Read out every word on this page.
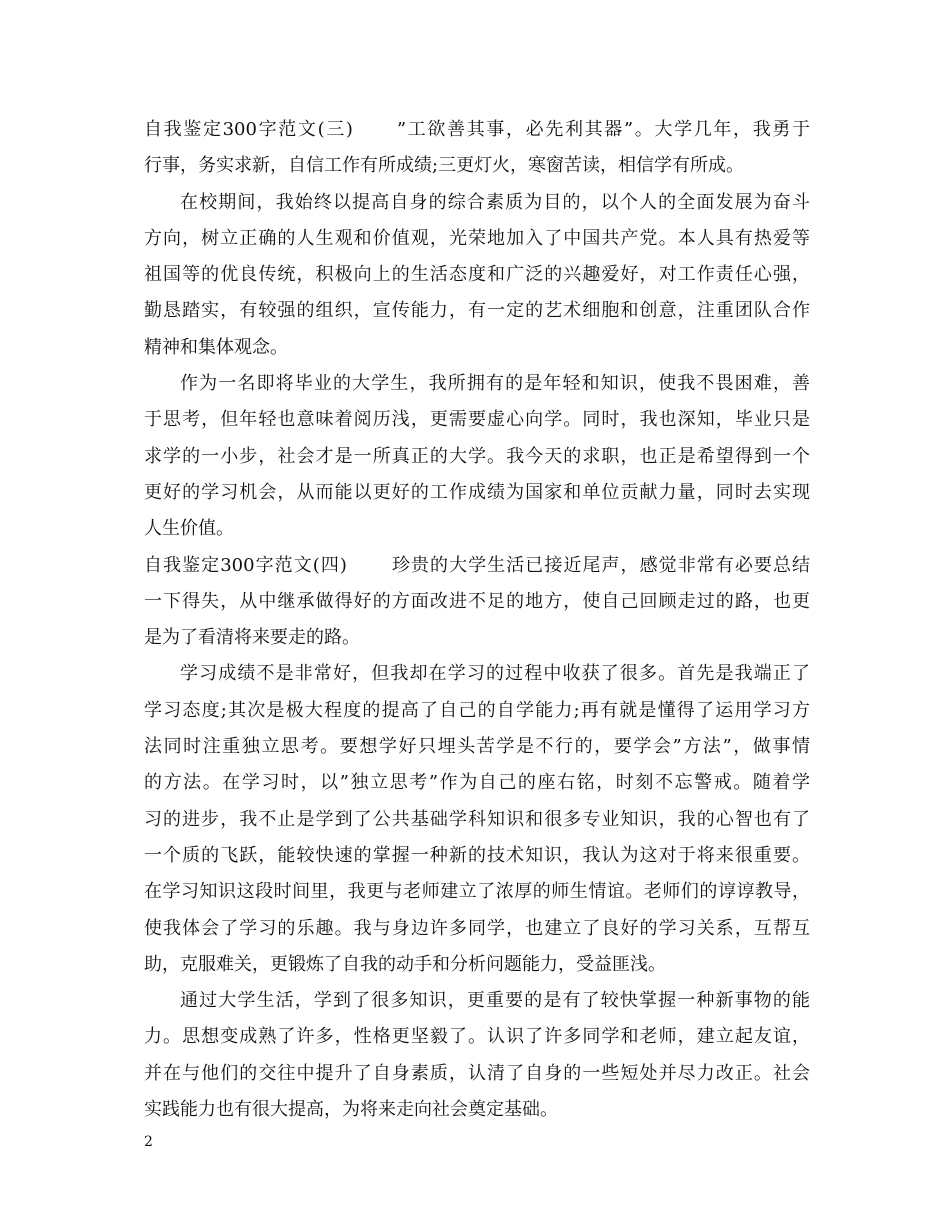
自我鉴定300字范文(三) ”工欲善其事，必先利其器”。大学几年，我勇于
行事，务实求新，自信工作有所成绩;三更灯火，寒窗苦读，相信学有所成。
在校期间，我始终以提高自身的综合素质为目的，以个人的全面发展为奋斗
方向，树立正确的人生观和价值观，光荣地加入了中国共产党。本人具有热爱等
祖国等的优良传统，积极向上的生活态度和广泛的兴趣爱好，对工作责任心强，
勤恳踏实，有较强的组织，宣传能力，有一定的艺术细胞和创意，注重团队合作
精神和集体观念。
作为一名即将毕业的大学生，我所拥有的是年轻和知识，使我不畏困难，善
于思考，但年轻也意味着阅历浅，更需要虚心向学。同时，我也深知，毕业只是
求学的一小步，社会才是一所真正的大学。我今天的求职，也正是希望得到一个
更好的学习机会，从而能以更好的工作成绩为国家和单位贡献力量，同时去实现
人生价值。
自我鉴定300字范文(四) 珍贵的大学生活已接近尾声，感觉非常有必要总结
一下得失，从中继承做得好的方面改进不足的地方，使自己回顾走过的路，也更
是为了看清将来要走的路。
学习成绩不是非常好，但我却在学习的过程中收获了很多。首先是我端正了
学习态度;其次是极大程度的提高了自己的自学能力;再有就是懂得了运用学习方
法同时注重独立思考。要想学好只埋头苦学是不行的，要学会”方法”，做事情
的方法。在学习时，以”独立思考”作为自己的座右铭，时刻不忘警戒。随着学
习的进步，我不止是学到了公共基础学科知识和很多专业知识，我的心智也有了
一个质的飞跃，能较快速的掌握一种新的技术知识，我认为这对于将来很重要。
在学习知识这段时间里，我更与老师建立了浓厚的师生情谊。老师们的谆谆教导，
使我体会了学习的乐趣。我与身边许多同学，也建立了良好的学习关系，互帮互
助，克服难关，更锻炼了自我的动手和分析问题能力，受益匪浅。
通过大学生活，学到了很多知识，更重要的是有了较快掌握一种新事物的能
力。思想变成熟了许多，性格更坚毅了。认识了许多同学和老师，建立起友谊，
并在与他们的交往中提升了自身素质，认清了自身的一些短处并尽力改正。社会
实践能力也有很大提高，为将来走向社会奠定基础。
2
